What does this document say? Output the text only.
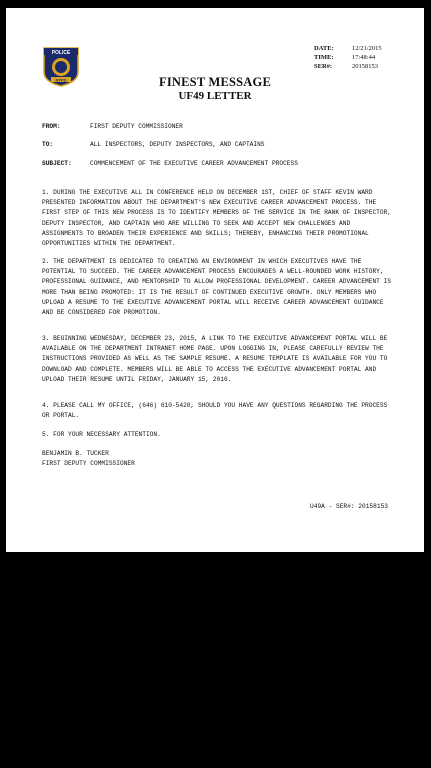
POLICE
NYPD
DATE:	12/21/2015
TIME:	17:48:44
SER#:	20158153
FINEST MESSAGE
UF49 LETTER
FROM:	FIRST DEPUTY COMMISSIONER
TO:	ALL INSPECTORS, DEPUTY INSPECTORS, AND CAPTAINS
SUBJECT:	COMMENCEMENT OF THE EXECUTIVE CAREER ADVANCEMENT PROCESS

1. DURING THE EXECUTIVE ALL IN CONFERENCE HELD ON DECEMBER 1ST, CHIEF OF STAFF KEVIN WARD PRESENTED INFORMATION ABOUT THE DEPARTMENT'S NEW EXECUTIVE CAREER ADVANCEMENT PROCESS. THE FIRST STEP OF THIS NEW PROCESS IS TO IDENTIFY MEMBERS OF THE SERVICE IN THE RANK OF INSPECTOR, DEPUTY INSPECTOR, AND CAPTAIN WHO ARE WILLING TO SEEK AND ACCEPT NEW CHALLENGES AND ASSIGNMENTS TO BROADEN THEIR EXPERIENCE AND SKILLS; THEREBY, ENHANCING THEIR PROMOTIONAL OPPORTUNITIES WITHIN THE DEPARTMENT.

2. THE DEPARTMENT IS DEDICATED TO CREATING AN ENVIRONMENT IN WHICH EXECUTIVES HAVE THE POTENTIAL TO SUCCEED. THE CAREER ADVANCEMENT PROCESS ENCOURAGES A WELL-ROUNDED WORK HISTORY, PROFESSIONAL GUIDANCE, AND MENTORSHIP TO ALLOW PROFESSIONAL DEVELOPMENT. CAREER ADVANCEMENT IS MORE THAN BEING PROMOTED: IT IS THE RESULT OF CONTINUED EXECUTIVE GROWTH. ONLY MEMBERS WHO UPLOAD A RESUME TO THE EXECUTIVE ADVANCEMENT PORTAL WILL RECEIVE CAREER ADVANCEMENT GUIDANCE AND BE CONSIDERED FOR PROMOTION.

3. BEGINNING WEDNESDAY, DECEMBER 23, 2015, A LINK TO THE EXECUTIVE ADVANCEMENT PORTAL WILL BE AVAILABLE ON THE DEPARTMENT INTRANET HOME PAGE. UPON LOGGING IN, PLEASE CAREFULLY REVIEW THE INSTRUCTIONS PROVIDED AS WELL AS THE SAMPLE RESUME. A RESUME TEMPLATE IS AVAILABLE FOR YOU TO DOWNLOAD AND COMPLETE. MEMBERS WILL BE ABLE TO ACCESS THE EXECUTIVE ADVANCEMENT PORTAL AND UPLOAD THEIR RESUME UNTIL FRIDAY, JANUARY 15, 2016.

4. PLEASE CALL MY OFFICE, (646) 610-5420, SHOULD YOU HAVE ANY QUESTIONS REGARDING THE PROCESS OR PORTAL.

5. FOR YOUR NECESSARY ATTENTION.

BENJAMIN B. TUCKER
FIRST DEPUTY COMMISSIONER
U49A - SER#: 20158153
